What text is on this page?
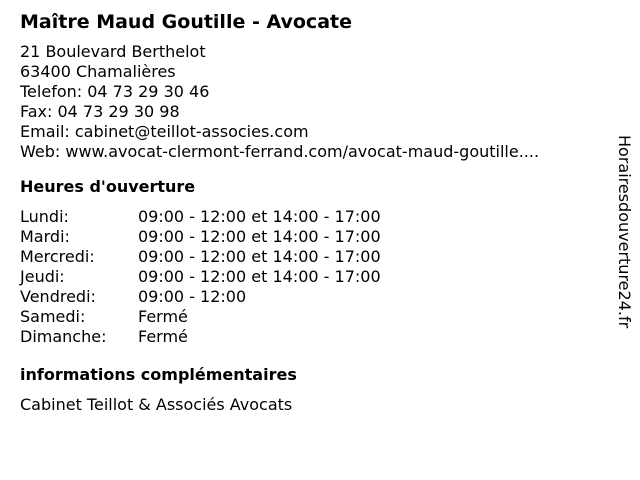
Maître Maud Goutille - Avocate
21 Boulevard Berthelot
63400 Chamalières
Telefon: 04 73 29 30 46
Fax: 04 73 29 30 98
Email: cabinet@teillot-associes.com
Web: www.avocat-clermont-ferrand.com/avocat-maud-goutille....
Heures d'ouverture
Lundi:	09:00 - 12:00 et 14:00 - 17:00
Mardi:	09:00 - 12:00 et 14:00 - 17:00
Mercredi:	09:00 - 12:00 et 14:00 - 17:00
Jeudi:	09:00 - 12:00 et 14:00 - 17:00
Vendredi:	09:00 - 12:00
Samedi:	Fermé
Dimanche:	Fermé
informations complémentaires
Cabinet Teillot & Associés Avocats
Horairesdouverture24.fr
